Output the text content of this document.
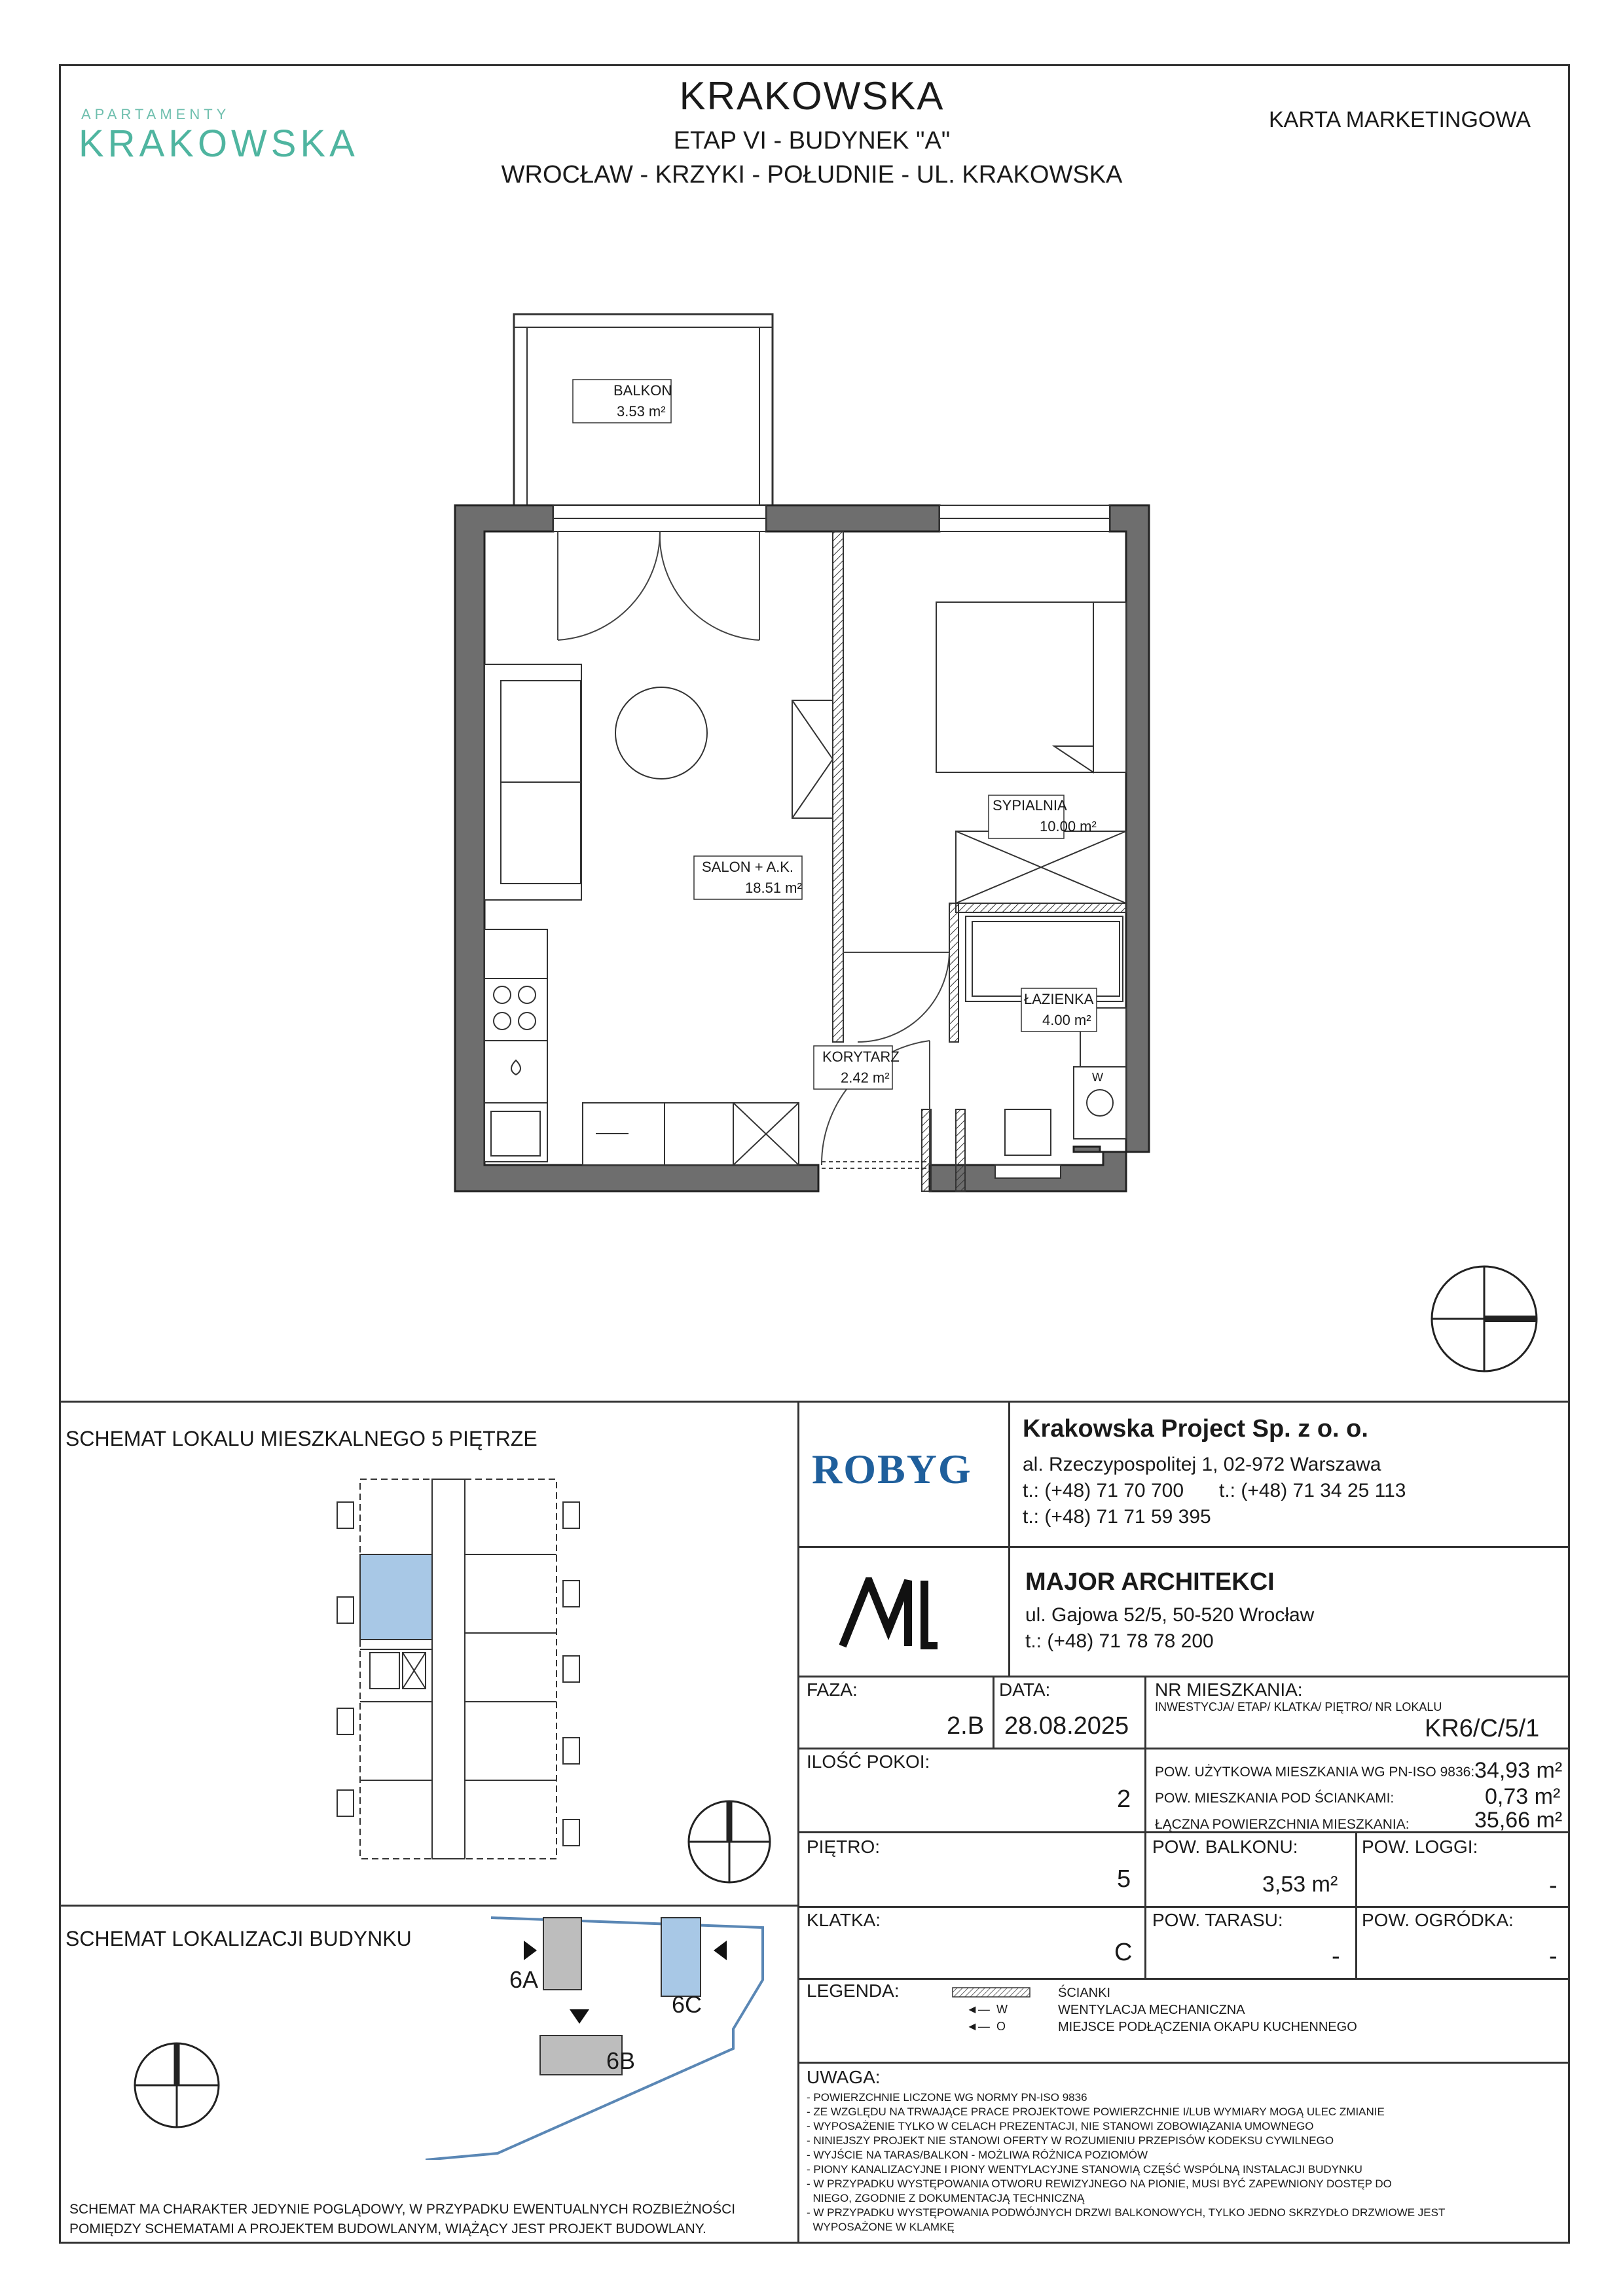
APARTAMENTY
KRAKOWSKA
KRAKOWSKA
ETAP VI - BUDYNEK "A"
WROCŁAW - KRZYKI - POŁUDNIE - UL. KRAKOWSKA
KARTA MARKETINGOWA
BALKON
3.53 m²
SALON + A.K.
18.51 m²
SYPIALNIA
10.00 m²
ŁAZIENKA
4.00 m²
KORYTARZ
2.42 m²	W
SCHEMAT LOKALU MIESZKALNEGO 5 PIĘTRZE
SCHEMAT LOKALIZACJI BUDYNKU
6A
6B
6C
SCHEMAT MA CHARAKTER JEDYNIE POGLĄDOWY, W PRZYPADKU EWENTUALNYCH ROZBIEŻNOŚCI
POMIĘDZY SCHEMATAMI A PROJEKTEM BUDOWLANYM, WIĄŻĄCY JEST PROJEKT BUDOWLANY.
ROBYG
Krakowska Project Sp. z o. o.
al. Rzeczypospolitej 1, 02-972 Warszawa
t.: (+48) 71 70 700 t.: (+48) 71 34 25 113
t.: (+48) 71 71 59 395
MAJOR ARCHITEKCI
ul. Gajowa 52/5, 50-520 Wrocław
t.: (+48) 71 78 78 200
FAZA:
2.B
DATA:
28.08.2025
NR MIESZKANIA:
INWESTYCJA/ ETAP/ KLATKA/ PIĘTRO/ NR LOKALU
KR6/C/5/1
ILOŚĆ POKOI:
2
POW. UŻYTKOWA MIESZKANIA WG PN-ISO 9836: 34,93 m²
POW. MIESZKANIA POD ŚCIANKAMI:	0,73 m²
ŁĄCZNA POWIERZCHNIA MIESZKANIA:	35,66 m²
PIĘTRO:
5
POW. BALKONU:
3,53 m²
POW. LOGGI:
-
KLATKA:
C
POW. TARASU:
-
POW. OGRÓDKA:
-
LEGENDA:	ŚCIANKI
◄― W	WENTYLACJA MECHANICZNA
◄― O	MIEJSCE PODŁĄCZENIA OKAPU KUCHENNEGO
UWAGA:
- POWIERZCHNIE LICZONE WG NORMY PN-ISO 9836
- ZE WZGLĘDU NA TRWAJĄCE PRACE PROJEKTOWE POWIERZCHNIE I/LUB WYMIARY MOGĄ ULEC ZMIANIE
- WYPOSAŻENIE TYLKO W CELACH PREZENTACJI, NIE STANOWI ZOBOWIĄZANIA UMOWNEGO
- NINIEJSZY PROJEKT NIE STANOWI OFERTY W ROZUMIENIU PRZEPISÓW KODEKSU CYWILNEGO
- WYJŚCIE NA TARAS/BALKON - MOŻLIWA RÓŻNICA POZIOMÓW
- PIONY KANALIZACYJNE I PIONY WENTYLACYJNE STANOWIĄ CZĘŚĆ WSPÓLNĄ INSTALACJI BUDYNKU
- W PRZYPADKU WYSTĘPOWANIA OTWORU REWIZYJNEGO NA PIONIE, MUSI BYĆ ZAPEWNIONY DOSTĘP DO
NIEGO, ZGODNIE Z DOKUMENTACJĄ TECHNICZNĄ
- W PRZYPADKU WYSTĘPOWANIA PODWÓJNYCH DRZWI BALKONOWYCH, TYLKO JEDNO SKRZYDŁO DRZWIOWE JEST
WYPOSAŻONE W KLAMKĘ
